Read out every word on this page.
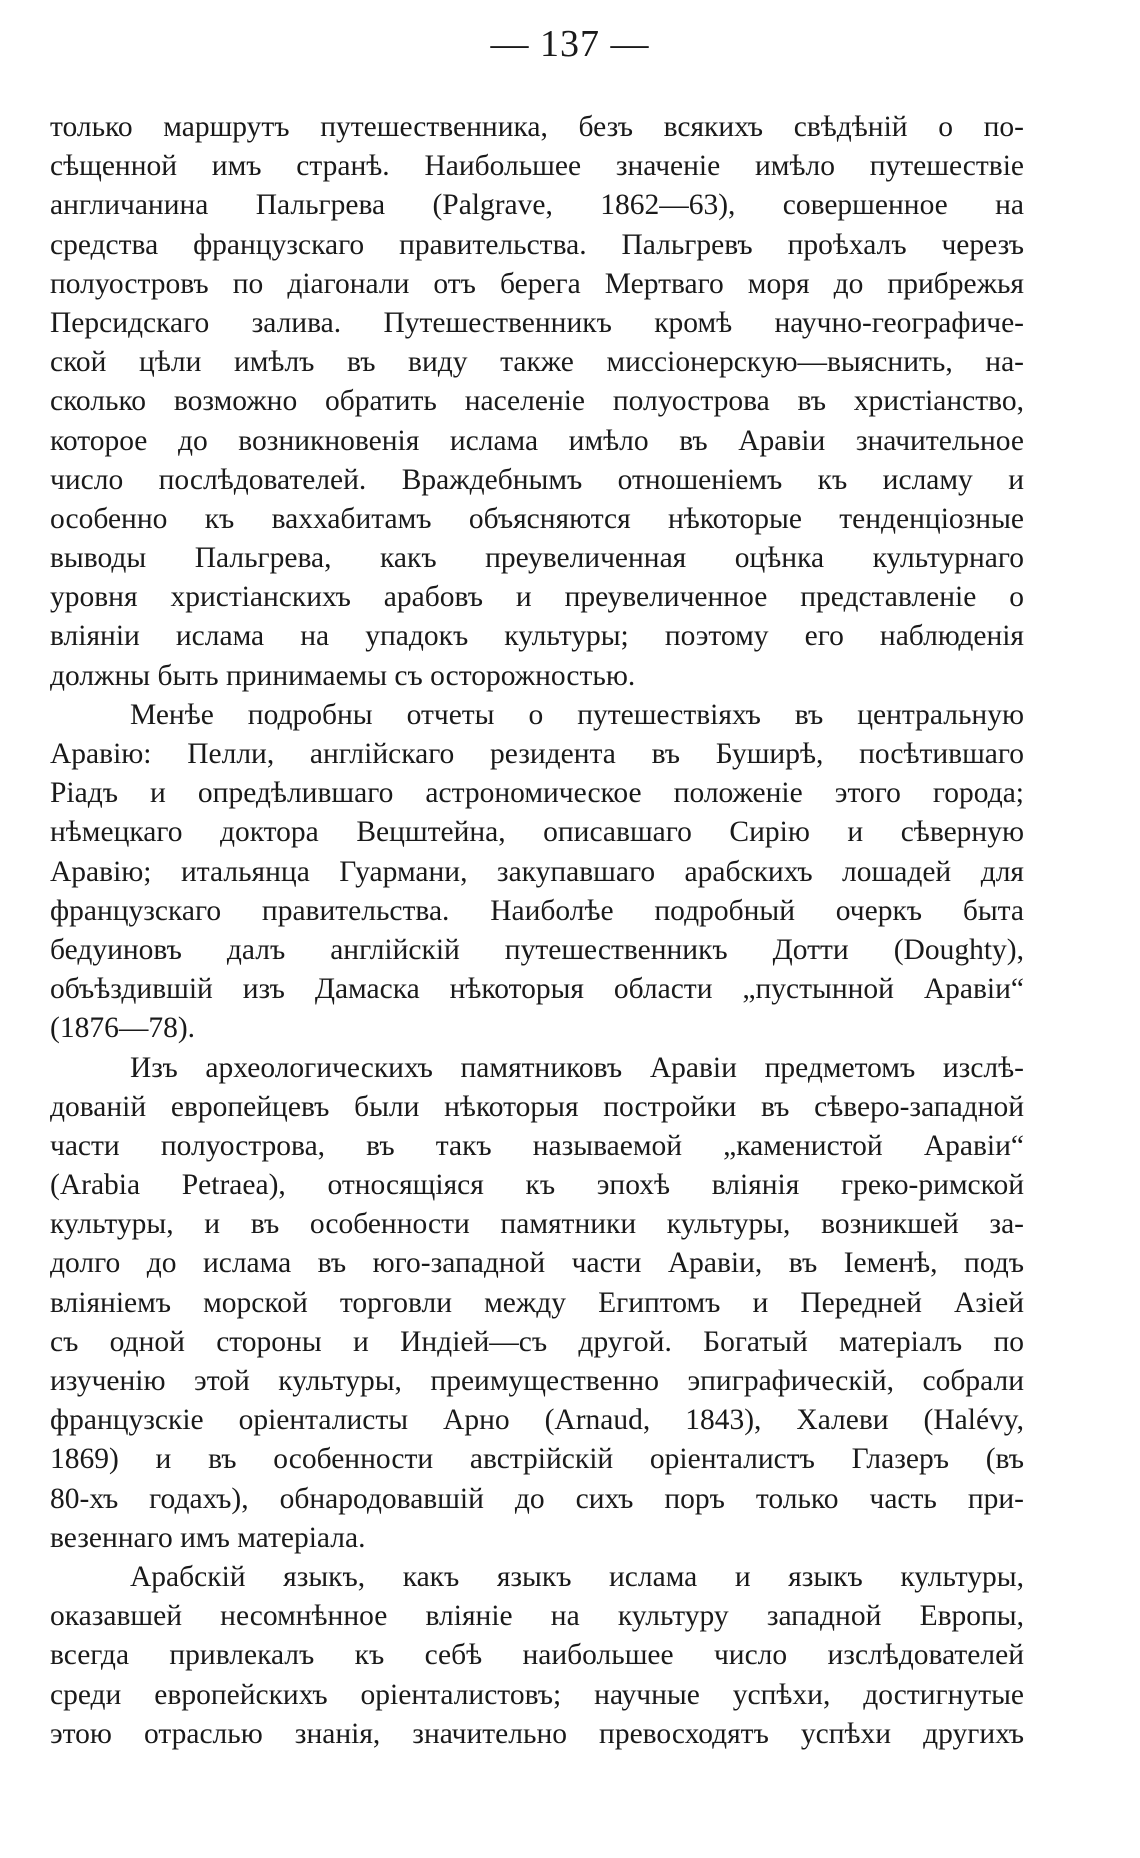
— 137 —
только маршрутъ путешественника, безъ всякихъ свѣдѣній о по-
сѣщенной имъ странѣ. Наибольшее значеніе имѣло путешествіе
англичанина Пальгрева (Palgrave, 1862—63), совершенное на
средства французскаго правительства. Пальгревъ проѣхалъ черезъ
полуостровъ по діагонали отъ берега Мертваго моря до прибрежья
Персидскаго залива. Путешественникъ кромѣ научно-географиче-
ской цѣли имѣлъ въ виду также миссіонерскую—выяснить, на-
сколько возможно обратить населеніе полуострова въ христіанство,
которое до возникновенія ислама имѣло въ Аравіи значительное
число послѣдователей. Враждебнымъ отношеніемъ къ исламу и
особенно къ ваххабитамъ объясняются нѣкоторые тенденціозные
выводы Пальгрева, какъ преувеличенная оцѣнка культурнаго
уровня христіанскихъ арабовъ и преувеличенное представленіе о
вліяніи ислама на упадокъ культуры; поэтому его наблюденія
должны быть принимаемы съ осторожностью.
Менѣе подробны отчеты о путешествіяхъ въ центральную
Аравію: Пелли, англійскаго резидента въ Буширѣ, посѣтившаго
Ріадъ и опредѣлившаго астрономическое положеніе этого города;
нѣмецкаго доктора Вецштейна, описавшаго Сирію и сѣверную
Аравію; итальянца Гуармани, закупавшаго арабскихъ лошадей для
французскаго правительства. Наиболѣе подробный очеркъ быта
бедуиновъ далъ англійскій путешественникъ Дотти (Doughty),
объѣздившій изъ Дамаска нѣкоторыя области „пустынной Аравіи“
(1876—78).
Изъ археологическихъ памятниковъ Аравіи предметомъ изслѣ-
дованій европейцевъ были нѣкоторыя постройки въ сѣверо-западной
части полуострова, въ такъ называемой „каменистой Аравіи“
(Arabia Petraea), относящіяся къ эпохѣ вліянія греко-римской
культуры, и въ особенности памятники культуры, возникшей за-
долго до ислама въ юго-западной части Аравіи, въ Іеменѣ, подъ
вліяніемъ морской торговли между Египтомъ и Передней Азіей
съ одной стороны и Индіей—съ другой. Богатый матеріалъ по
изученію этой культуры, преимущественно эпиграфическій, собрали
французскіе оріенталисты Арно (Arnaud, 1843), Халеви (Halévy,
1869) и въ особенности австрійскій оріенталистъ Глазеръ (въ
80-хъ годахъ), обнародовавшій до сихъ поръ только часть при-
везеннаго имъ матеріала.
Арабскій языкъ, какъ языкъ ислама и языкъ культуры,
оказавшей несомнѣнное вліяніе на культуру западной Европы,
всегда привлекалъ къ себѣ наибольшее число изслѣдователей
среди европейскихъ оріенталистовъ; научные успѣхи, достигнутые
этою отраслью знанія, значительно превосходятъ успѣхи другихъ
